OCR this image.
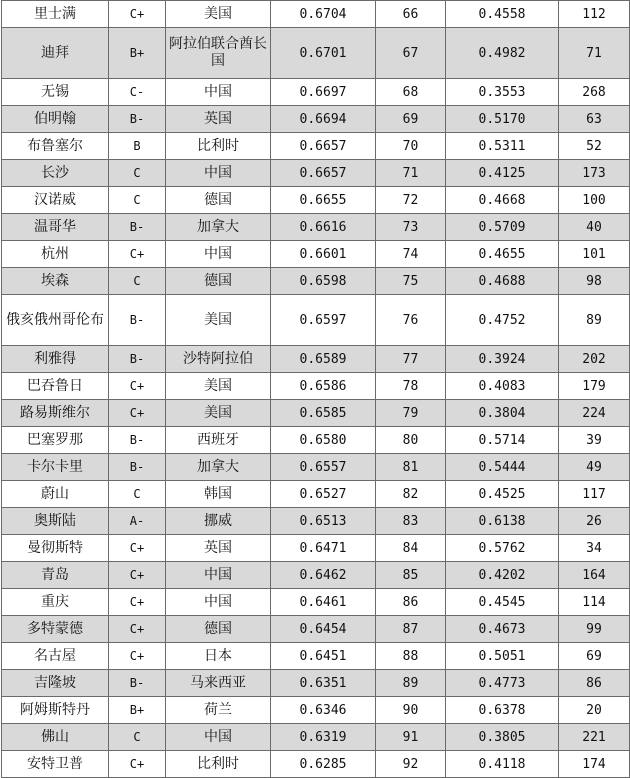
里士满	C+	美国	0.6704	66	0.4558	112
迪拜	B+	阿拉伯联合酋长国	0.6701	67	0.4982	71
无锡	C-	中国	0.6697	68	0.3553	268
伯明翰	B-	英国	0.6694	69	0.5170	63
布鲁塞尔	B	比利时	0.6657	70	0.5311	52
长沙	C	中国	0.6657	71	0.4125	173
汉诺威	C	德国	0.6655	72	0.4668	100
温哥华	B-	加拿大	0.6616	73	0.5709	40
杭州	C+	中国	0.6601	74	0.4655	101
埃森	C	德国	0.6598	75	0.4688	98
俄亥俄州哥伦布	B-	美国	0.6597	76	0.4752	89
利雅得	B-	沙特阿拉伯	0.6589	77	0.3924	202
巴吞鲁日	C+	美国	0.6586	78	0.4083	179
路易斯维尔	C+	美国	0.6585	79	0.3804	224
巴塞罗那	B-	西班牙	0.6580	80	0.5714	39
卡尔卡里	B-	加拿大	0.6557	81	0.5444	49
蔚山	C	韩国	0.6527	82	0.4525	117
奥斯陆	A-	挪威	0.6513	83	0.6138	26
曼彻斯特	C+	英国	0.6471	84	0.5762	34
青岛	C+	中国	0.6462	85	0.4202	164
重庆	C+	中国	0.6461	86	0.4545	114
多特蒙德	C+	德国	0.6454	87	0.4673	99
名古屋	C+	日本	0.6451	88	0.5051	69
吉隆坡	B-	马来西亚	0.6351	89	0.4773	86
阿姆斯特丹	B+	荷兰	0.6346	90	0.6378	20
佛山	C	中国	0.6319	91	0.3805	221
安特卫普	C+	比利时	0.6285	92	0.4118	174
